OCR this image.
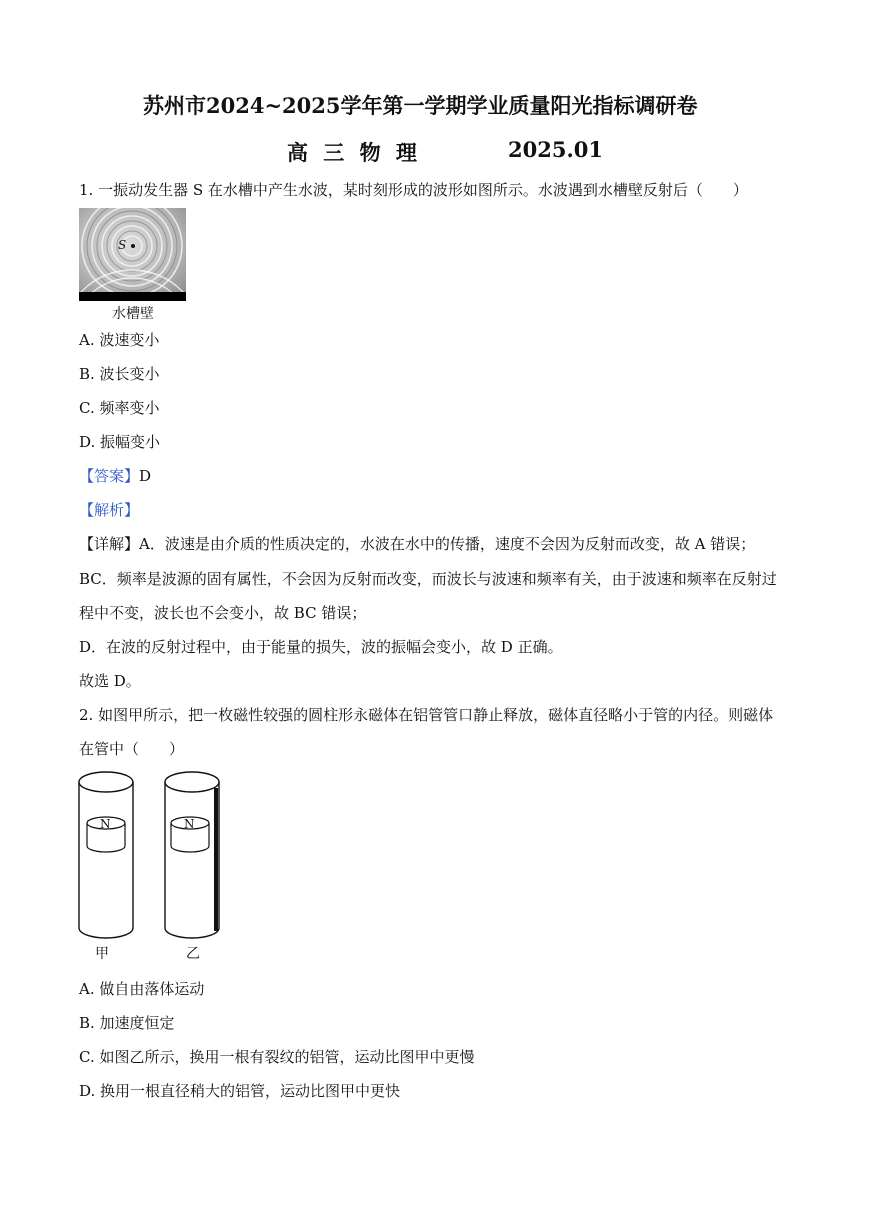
苏州市2024~2025学年第一学期学业质量阳光指标调研卷
高 三 物 理	2025.01
1. 一振动发生器 S 在水槽中产生水波，某时刻形成的波形如图所示。水波遇到水槽壁反射后（　　）
S
水槽壁
A. 波速变小
B. 波长变小
C. 频率变小
D. 振幅变小
【答案】D
【解析】
【详解】A．波速是由介质的性质决定的，水波在水中的传播，速度不会因为反射而改变，故 A 错误；
BC．频率是波源的固有属性，不会因为反射而改变，而波长与波速和频率有关，由于波速和频率在反射过
程中不变，波长也不会变小，故 BC 错误；
D．在波的反射过程中，由于能量的损失，波的振幅会变小，故 D 正确。
故选 D。
2. 如图甲所示，把一枚磁性较强的圆柱形永磁体在铝管管口静止释放，磁体直径略小于管的内径。则磁体
在管中（　　）
N	N
甲	乙
A. 做自由落体运动
B. 加速度恒定
C. 如图乙所示，换用一根有裂纹的铝管，运动比图甲中更慢
D. 换用一根直径稍大的铝管，运动比图甲中更快
